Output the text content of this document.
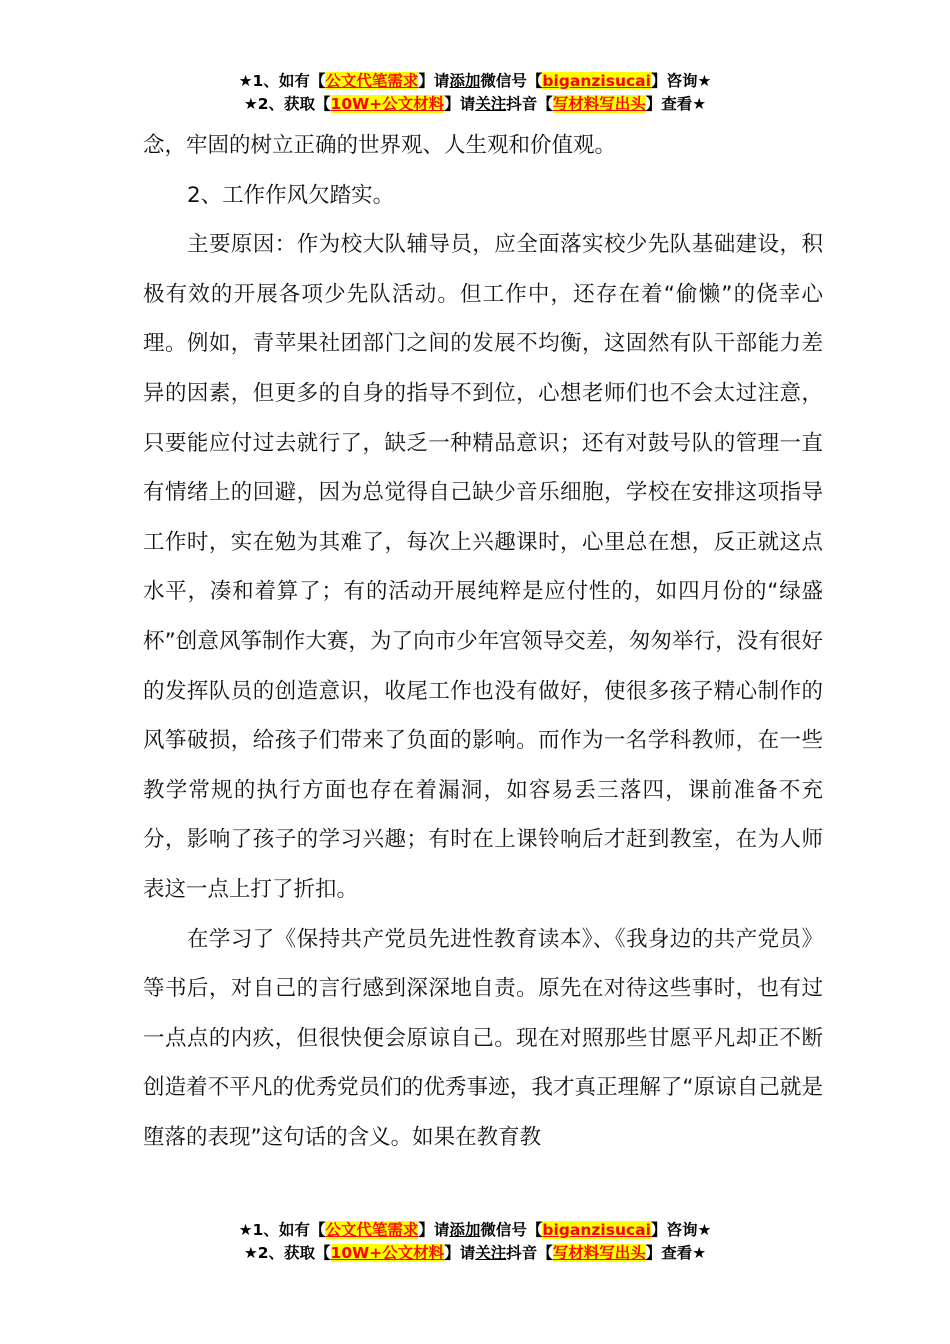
★1、如有【公文代笔需求】请添加微信号【biganzisucai】咨询★
★2、获取【10W+公文材料】请关注抖音【写材料写出头】查看★

念，牢固的树立正确的世界观、人生观和价值观。

2、工作作风欠踏实。

主要原因：作为校大队辅导员，应全面落实校少先队基础建设，积极有效的开展各项少先队活动。但工作中，还存在着“偷懒”的侥幸心理。例如，青苹果社团部门之间的发展不均衡，这固然有队干部能力差异的因素，但更多的自身的指导不到位，心想老师们也不会太过注意，只要能应付过去就行了，缺乏一种精品意识；还有对鼓号队的管理一直有情绪上的回避，因为总觉得自己缺少音乐细胞，学校在安排这项指导工作时，实在勉为其难了，每次上兴趣课时，心里总在想，反正就这点水平，凑和着算了；有的活动开展纯粹是应付性的，如四月份的“绿盛杯”创意风筝制作大赛，为了向市少年宫领导交差，匆匆举行，没有很好的发挥队员的创造意识，收尾工作也没有做好，使很多孩子精心制作的风筝破损，给孩子们带来了负面的影响。而作为一名学科教师，在一些教学常规的执行方面也存在着漏洞，如容易丢三落四，课前准备不充分，影响了孩子的学习兴趣；有时在上课铃响后才赶到教室，在为人师表这一点上打了折扣。

在学习了《保持共产党员先进性教育读本》、《我身边的共产党员》等书后，对自己的言行感到深深地自责。原先在对待这些事时，也有过一点点的内疚，但很快便会原谅自己。现在对照那些甘愿平凡却正不断创造着不平凡的优秀党员们的优秀事迹，我才真正理解了“原谅自己就是堕落的表现”这句话的含义。如果在教育教

★1、如有【公文代笔需求】请添加微信号【biganzisucai】咨询★
★2、获取【10W+公文材料】请关注抖音【写材料写出头】查看★
